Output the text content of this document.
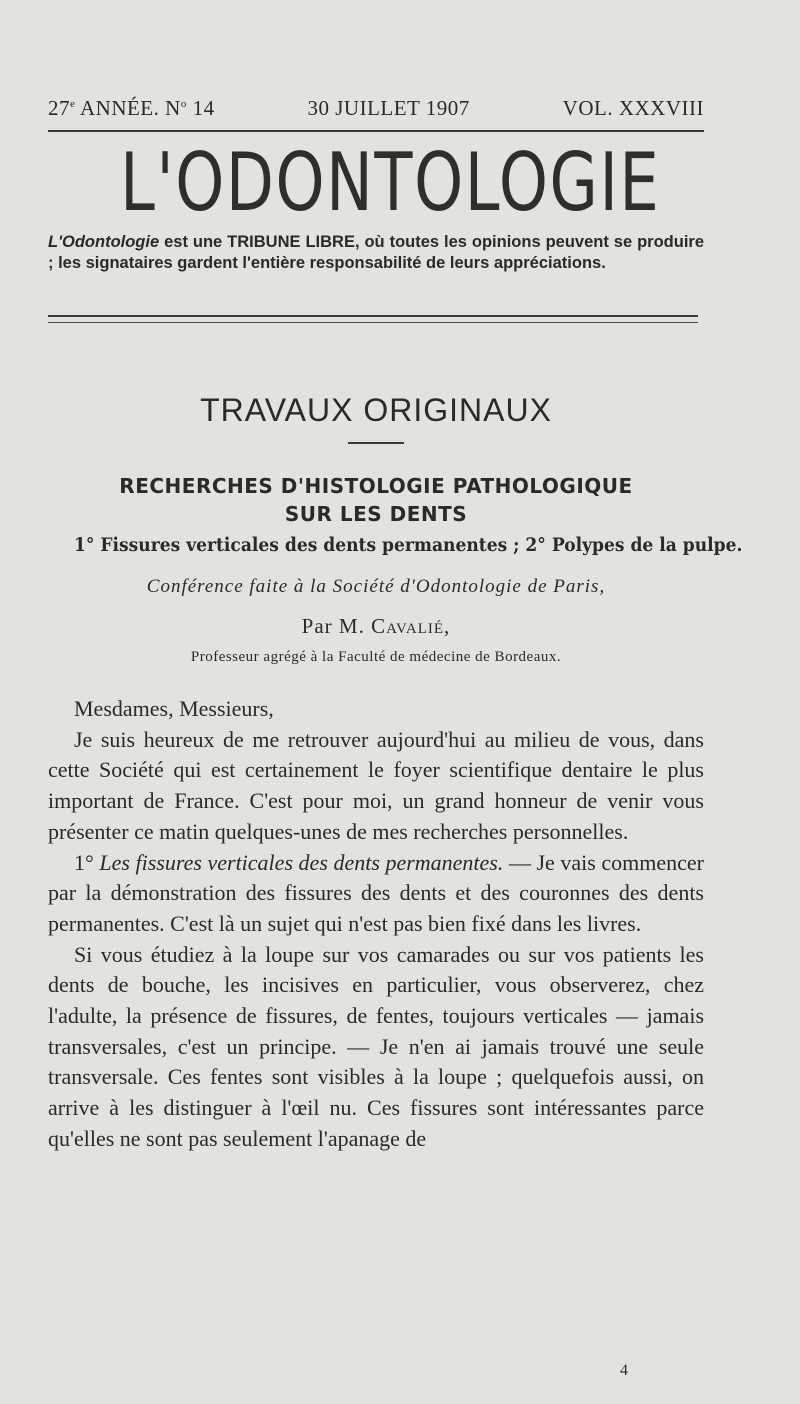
27e ANNÉE. $N^o$ 14	30 JUILLET 1907	VOL. XXXVIII
L'ODONTOLOGIE
L'Odontologie est une TRIBUNE LIBRE, où toutes les opinions peuvent se produire ; les signataires gardent l'entière responsabilité de leurs appréciations.
TRAVAUX ORIGINAUX
RECHERCHES D'HISTOLOGIE PATHOLOGIQUE
SUR LES DENTS
1° Fissures verticales des dents permanentes ; 2° Polypes de la pulpe.
Conférence faite à la Société d'Odontologie de Paris,
Par M. Cavalié,
Professeur agrégé à la Faculté de médecine de Bordeaux.

Mesdames, Messieurs,

Je suis heureux de me retrouver aujourd'hui au milieu de vous, dans cette Société qui est certainement le foyer scientifique dentaire le plus important de France. C'est pour moi, un grand honneur de venir vous présenter ce matin quelques-unes de mes recherches personnelles.

1° Les fissures verticales des dents permanentes. — Je vais commencer par la démonstration des fissures des dents et des couronnes des dents permanentes. C'est là un sujet qui n'est pas bien fixé dans les livres.

Si vous étudiez à la loupe sur vos camarades ou sur vos patients les dents de bouche, les incisives en particulier, vous observerez, chez l'adulte, la présence de fissures, de fentes, toujours verticales — jamais transversales, c'est un principe. — Je n'en ai jamais trouvé une seule transversale. Ces fentes sont visibles à la loupe ; quelquefois aussi, on arrive à les distinguer à l'œil nu. Ces fissures sont intéressantes parce qu'elles ne sont pas seulement l'apanage de

4
